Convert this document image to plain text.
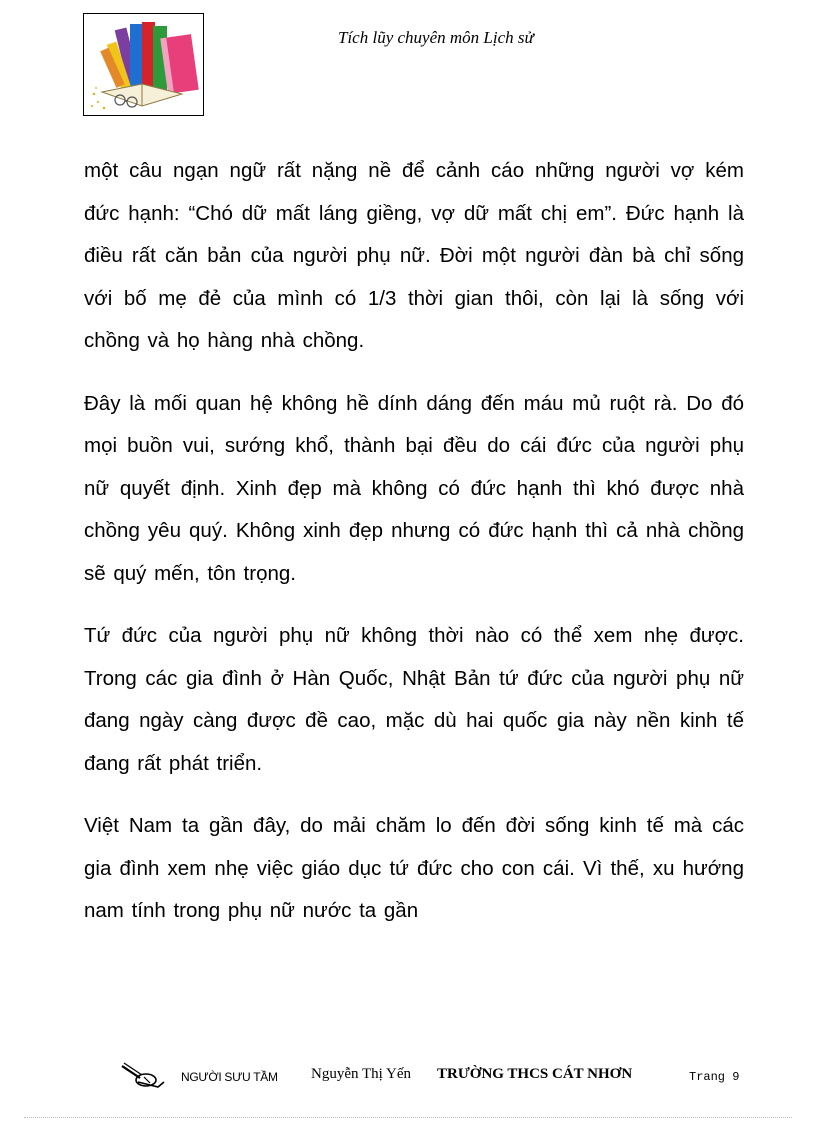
Tích lũy chuyên môn Lịch sử

một câu ngạn ngữ rất nặng nề để cảnh cáo những người vợ kém đức hạnh: “Chó dữ mất láng giềng, vợ dữ mất chị em”. Đức hạnh là điều rất căn bản của người phụ nữ. Đời một người đàn bà chỉ sống với bố mẹ đẻ của mình có 1/3 thời gian thôi, còn lại là sống với chồng và họ hàng nhà chồng.

Đây là mối quan hệ không hề dính dáng đến máu mủ ruột rà. Do đó mọi buồn vui, sướng khổ, thành bại đều do cái đức của người phụ nữ quyết định. Xinh đẹp mà không có đức hạnh thì khó được nhà chồng yêu quý. Không xinh đẹp nhưng có đức hạnh thì cả nhà chồng sẽ quý mến, tôn trọng.

Tứ đức của người phụ nữ không thời nào có thể xem nhẹ được. Trong các gia đình ở Hàn Quốc, Nhật Bản tứ đức của người phụ nữ đang ngày càng được đề cao, mặc dù hai quốc gia này nền kinh tế đang rất phát triển.

Việt Nam ta gần đây, do mải chăm lo đến đời sống kinh tế mà các gia đình xem nhẹ việc giáo dục tứ đức cho con cái. Vì thế, xu hướng nam tính trong phụ nữ nước ta gần

NGƯỜI SƯU TẦM Nguyễn Thị Yến TRƯỜNG THCS CÁT NHƠN	Trang 9
